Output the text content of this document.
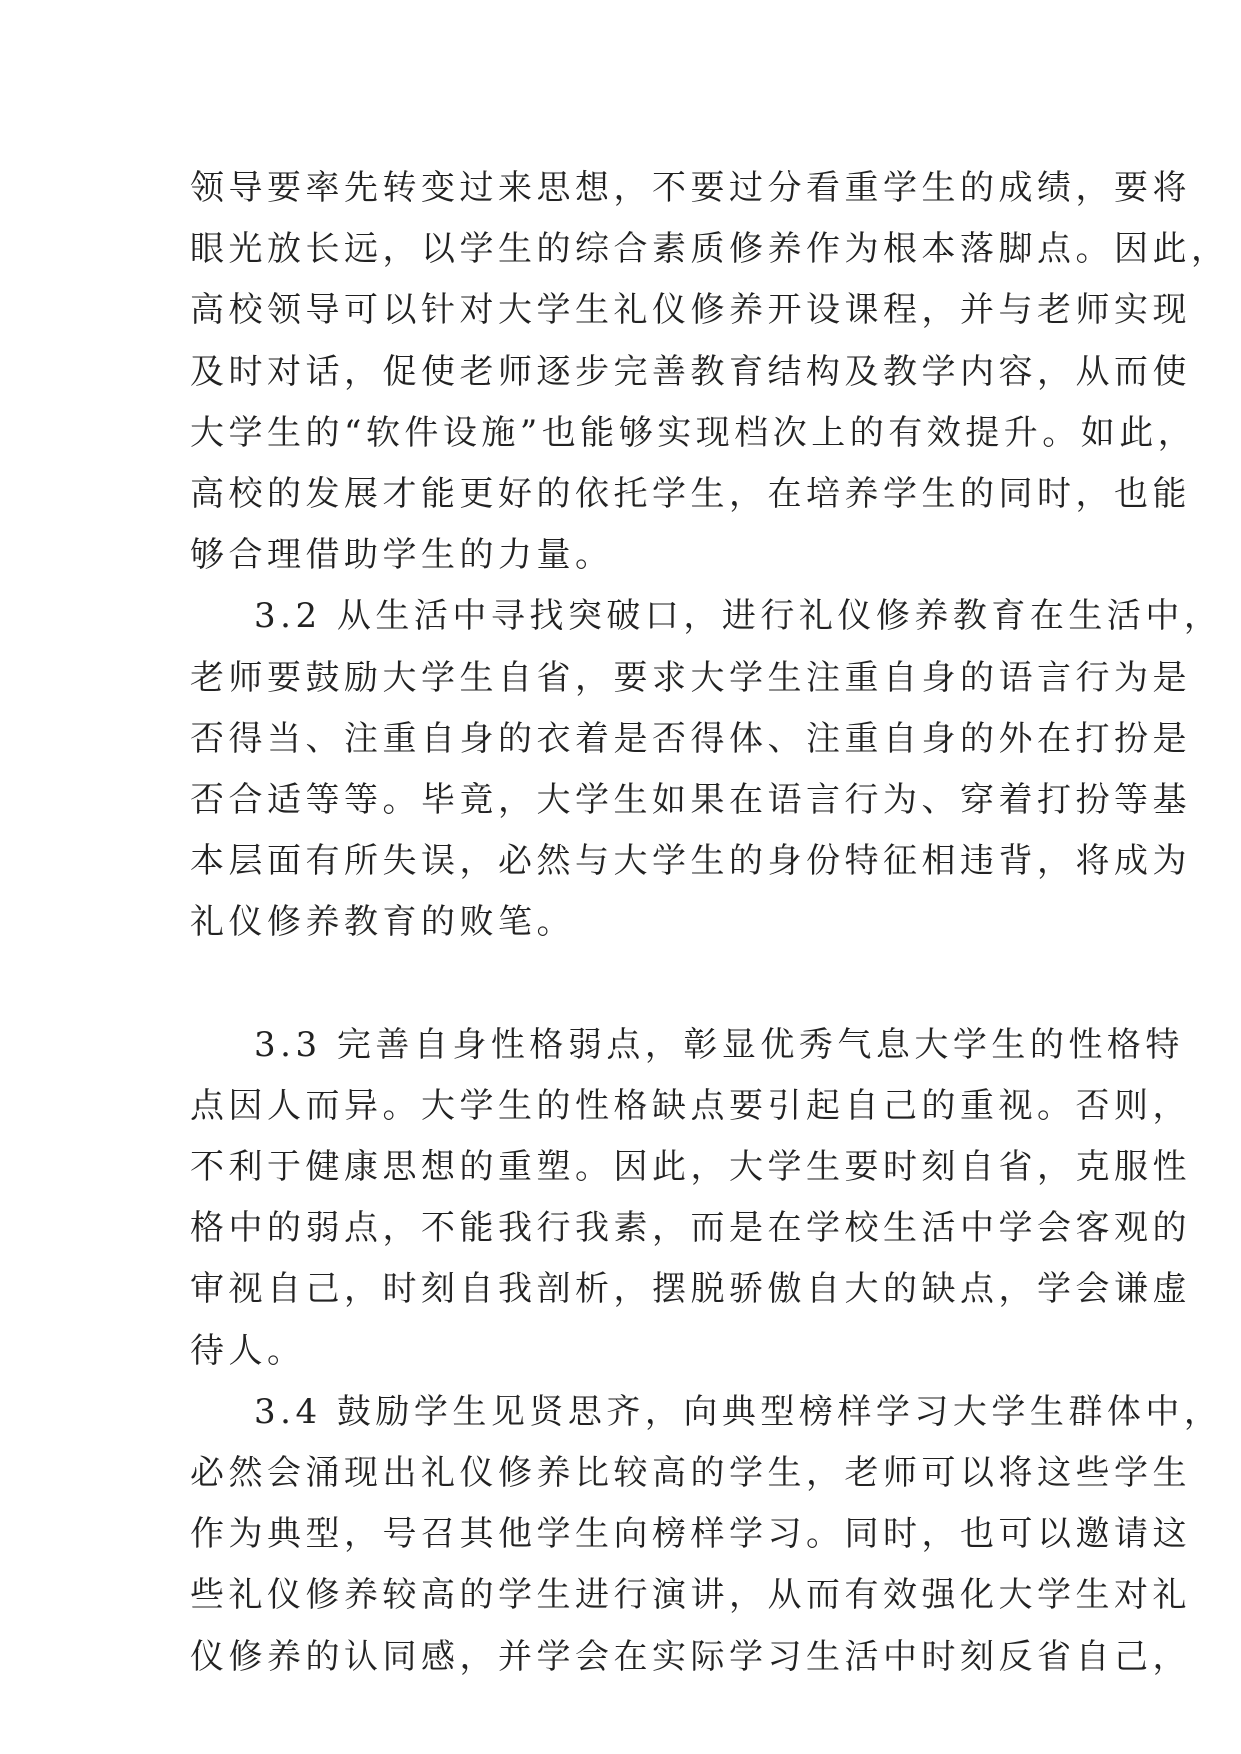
领导要率先转变过来思想，不要过分看重学生的成绩，要将
眼光放长远，以学生的综合素质修养作为根本落脚点。因此，
高校领导可以针对大学生礼仪修养开设课程，并与老师实现
及时对话，促使老师逐步完善教育结构及教学内容，从而使
大学生的“软件设施”也能够实现档次上的有效提升。如此，
高校的发展才能更好的依托学生，在培养学生的同时，也能
够合理借助学生的力量。
3.2 从生活中寻找突破口，进行礼仪修养教育在生活中，
老师要鼓励大学生自省，要求大学生注重自身的语言行为是
否得当、注重自身的衣着是否得体、注重自身的外在打扮是
否合适等等。毕竟，大学生如果在语言行为、穿着打扮等基
本层面有所失误，必然与大学生的身份特征相违背，将成为
礼仪修养教育的败笔。
3.3 完善自身性格弱点，彰显优秀气息大学生的性格特
点因人而异。大学生的性格缺点要引起自己的重视。否则，
不利于健康思想的重塑。因此，大学生要时刻自省，克服性
格中的弱点，不能我行我素，而是在学校生活中学会客观的
审视自己，时刻自我剖析，摆脱骄傲自大的缺点，学会谦虚
待人。
3.4 鼓励学生见贤思齐，向典型榜样学习大学生群体中，
必然会涌现出礼仪修养比较高的学生，老师可以将这些学生
作为典型，号召其他学生向榜样学习。同时，也可以邀请这
些礼仪修养较高的学生进行演讲，从而有效强化大学生对礼
仪修养的认同感，并学会在实际学习生活中时刻反省自己，
